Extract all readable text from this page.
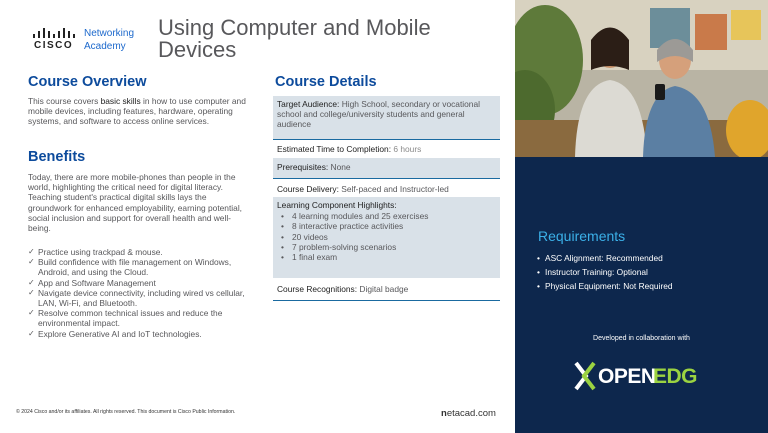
CISCO
Networking
Academy
Using Computer and Mobile Devices
Course Overview
This course covers basic skills in how to use computer and mobile devices, including features, hardware, operating systems, and software to access online services.
Benefits
Today, there are more mobile-phones than people in the world, highlighting the critical need for digital literacy. Teaching student's practical digital skills lays the groundwork for enhanced employability, earning potential, social inclusion and support for overall health and well-being.
✓ Practice using trackpad & mouse.
✓ Build confidence with file management on Windows, Android, and using the Cloud.
✓ App and Software Management
✓ Navigate device connectivity, including wired vs cellular, LAN, Wi-Fi, and Bluetooth.
✓ Resolve common technical issues and reduce the environmental impact.
✓ Explore Generative AI and IoT technologies.
Course Details
Target Audience: High School, secondary or vocational school and college/university students and general audience
Estimated Time to Completion: 6 hours
Prerequisites: None
Course Delivery: Self-paced and Instructor-led
Learning Component Highlights:
• 4 learning modules and 25 exercises
• 8 interactive practice activities
• 20 videos
• 7 problem-solving scenarios
• 1 final exam
Course Recognitions: Digital badge
© 2024 Cisco and/or its affiliates. All rights reserved. This document is Cisco Public Information.	netacad.com
Requirements
• ASC Alignment: Recommended
• Instructor Training: Optional
• Physical Equipment: Not Required
Developed in collaboration with
OPEN
EDG
